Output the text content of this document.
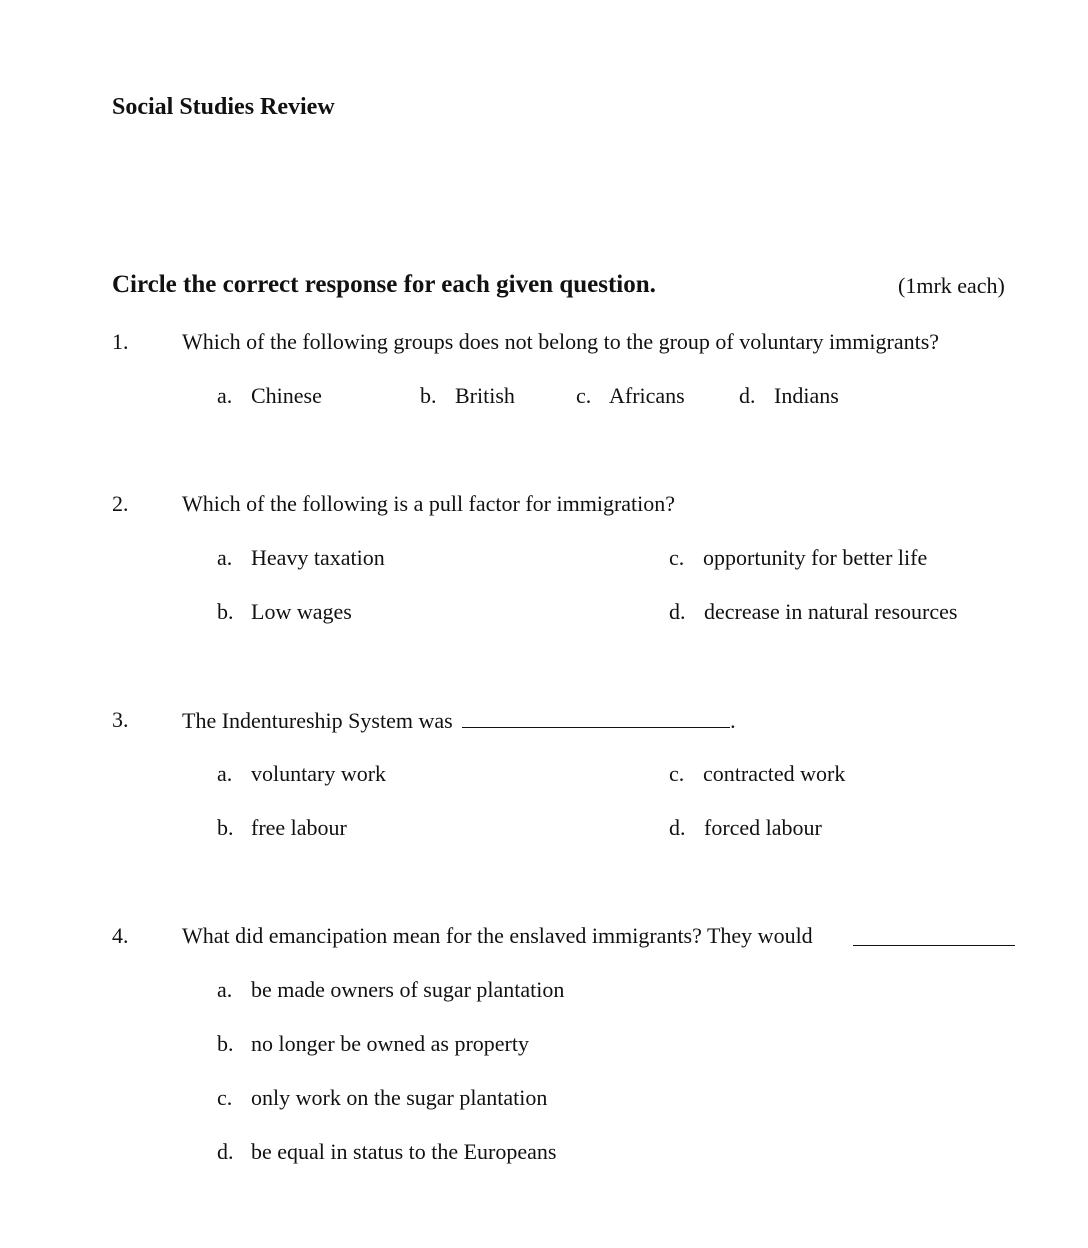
Social Studies Review
Circle the correct response for each given question.	(1mrk each)
1. Which of the following groups does not belong to the group of voluntary immigrants?
a. Chinese	b. British	c. Africans d. Indians
2. Which of the following is a pull factor for immigration?
a. Heavy taxation
b. Low wages
c. opportunity for better life
d. decrease in natural resources
3. The Indentureship System was	.
a. voluntary work
b. free labour
c. contracted work
d. forced labour
4. What did emancipation mean for the enslaved immigrants? They would
a. be made owners of sugar plantation
b. no longer be owned as property
c. only work on the sugar plantation
d. be equal in status to the Europeans
